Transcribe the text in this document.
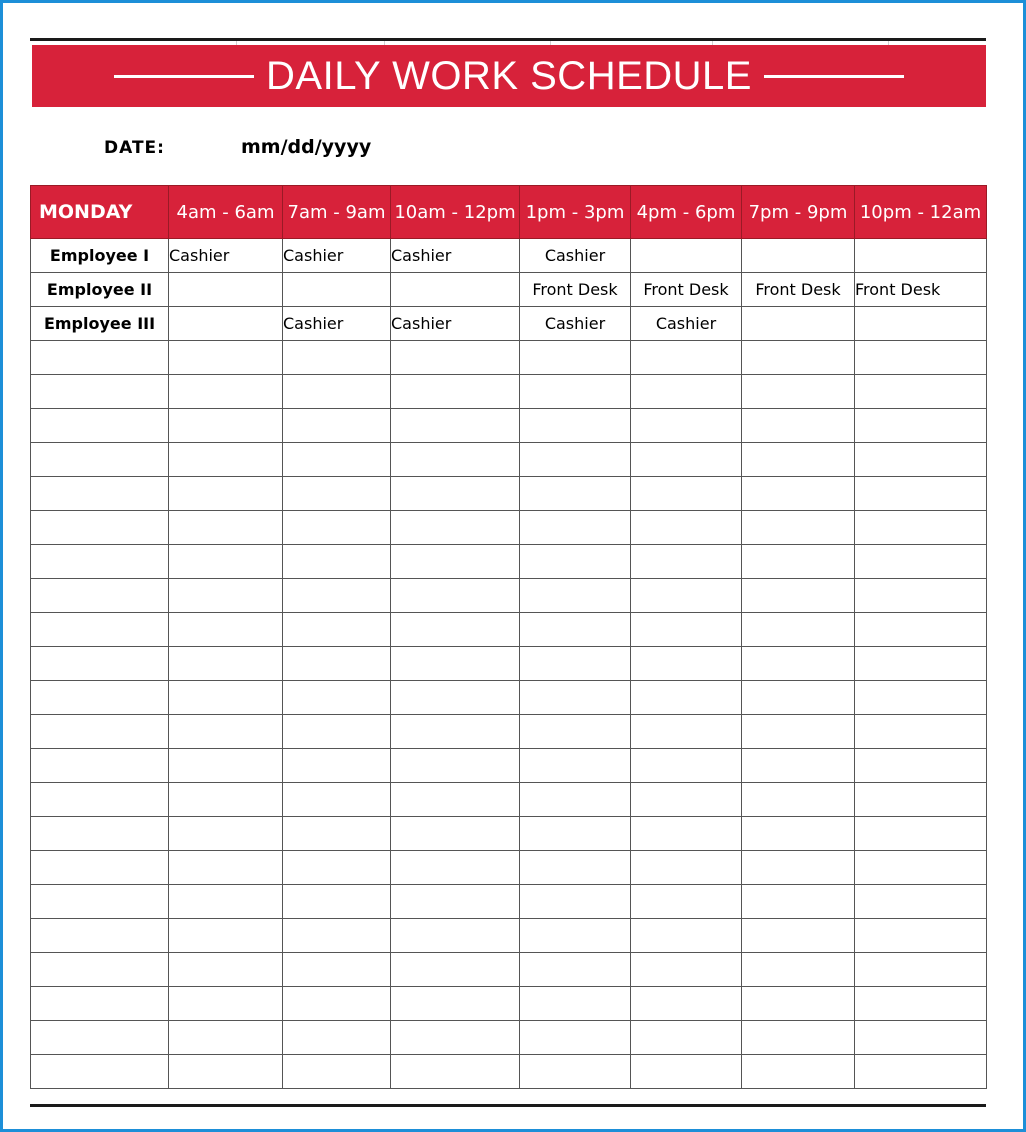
DAILY WORK SCHEDULE
DATE:	mm/dd/yyyy
MONDAY	4am - 6am	7am - 9am	10am - 12pm	1pm - 3pm	4pm - 6pm	7pm - 9pm	10pm - 12am
Employee I	Cashier	Cashier	Cashier	Cashier			
Employee II				Front Desk	Front Desk	Front Desk	Front Desk
Employee III		Cashier	Cashier	Cashier	Cashier		
